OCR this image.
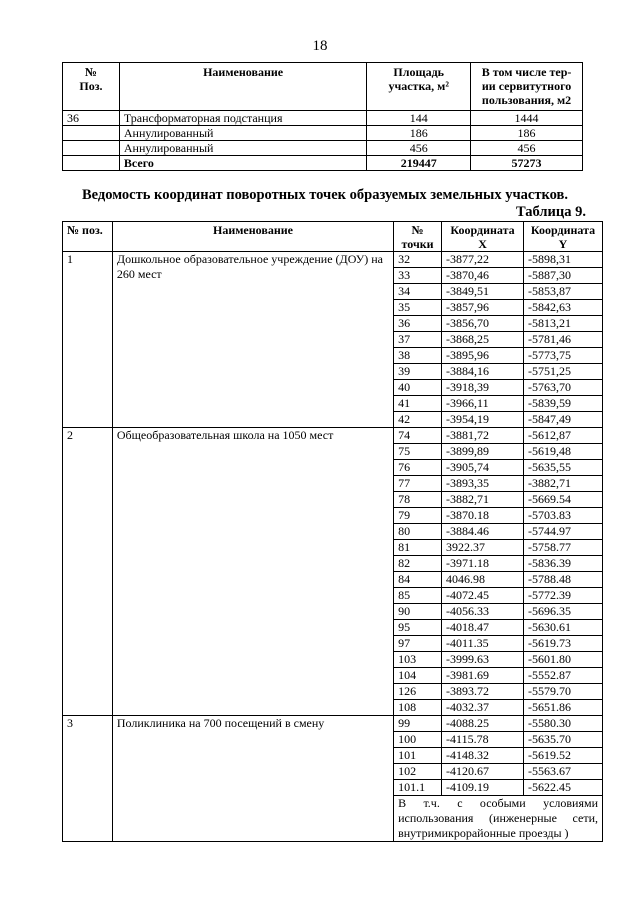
18
№
Поз.	Наименование	Площадь участка, м²	В том числе тер-ии сервитутного пользования, м2
36	Трансформаторная подстанция	144	1444
	Аннулированный	186	186
	Аннулированный	456	456
	Всего	219447	57273
Ведомость координат поворотных точек образуемых земельных участков.
Таблица 9.
№ поз.	Наименование	№ точки	Координата X	Координата Y
1	Дошкольное образовательное учреждение (ДОУ) на 260 мест	32	-3877,22	-5898,31
		33	-3870,46	-5887,30
		34	-3849,51	-5853,87
		35	-3857,96	-5842,63
		36	-3856,70	-5813,21
		37	-3868,25	-5781,46
		38	-3895,96	-5773,75
		39	-3884,16	-5751,25
		40	-3918,39	-5763,70
		41	-3966,11	-5839,59
		42	-3954,19	-5847,49
2	Общеобразовательная школа на 1050 мест	74	-3881,72	-5612,87
		75	-3899,89	-5619,48
		76	-3905,74	-5635,55
		77	-3893,35	-3882,71
		78	-3882,71	-5669.54
		79	-3870.18	-5703.83
		80	-3884.46	-5744.97
		81	3922.37	-5758.77
		82	-3971.18	-5836.39
		84	4046.98	-5788.48
		85	-4072.45	-5772.39
		90	-4056.33	-5696.35
		95	-4018.47	-5630.61
		97	-4011.35	-5619.73
		103	-3999.63	-5601.80
		104	-3981.69	-5552.87
		126	-3893.72	-5579.70
		108	-4032.37	-5651.86
3	Поликлиника на 700 посещений в смену	99	-4088.25	-5580.30
		100	-4115.78	-5635.70
		101	-4148.32	-5619.52
		102	-4120.67	-5563.67
		101.1	-4109.19	-5622.45
		В т.ч. с особыми условиями использования (инженерные сети, внутримикрорайонные проезды )		
